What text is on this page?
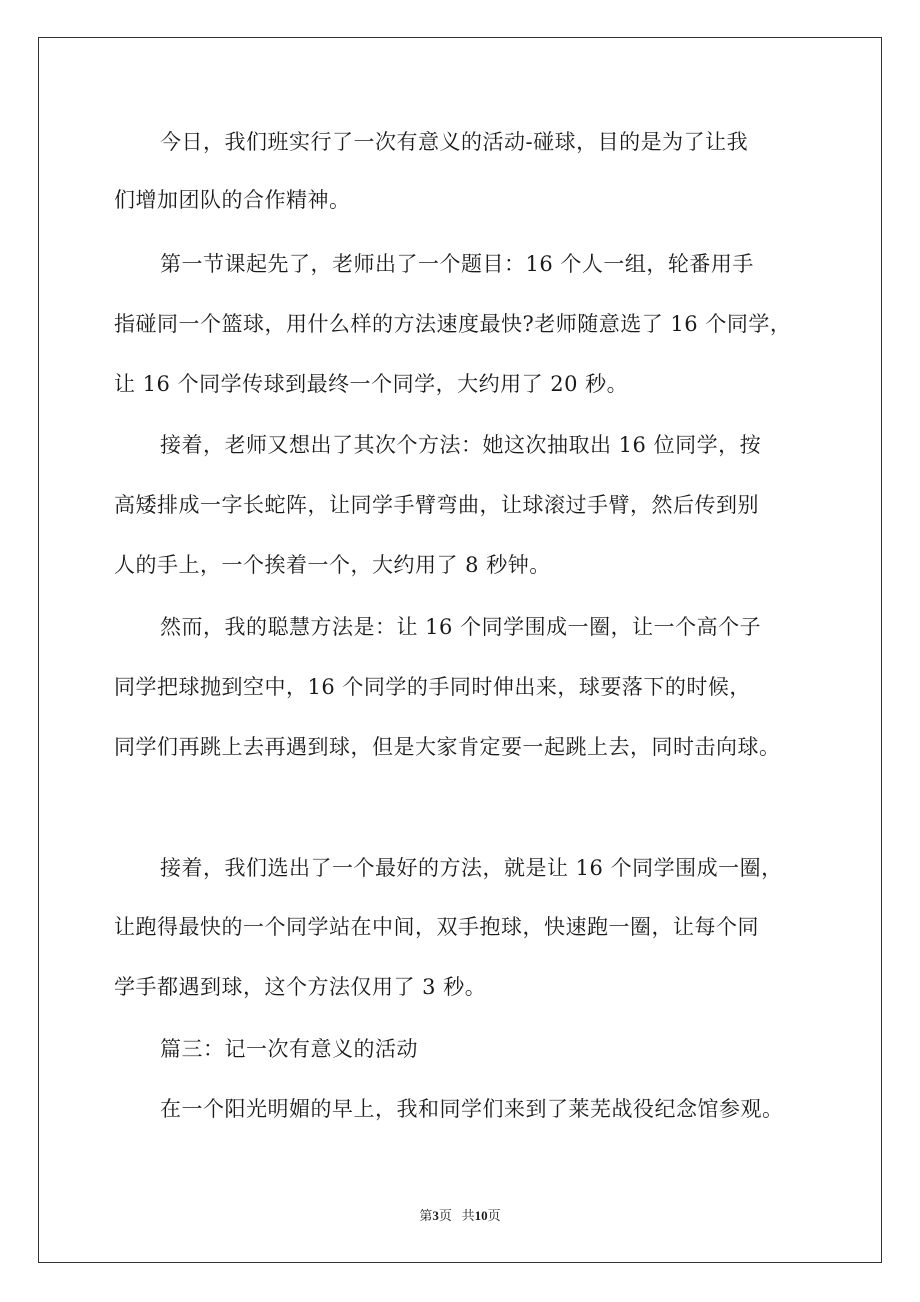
今日，我们班实行了一次有意义的活动-碰球，目的是为了让我
们增加团队的合作精神。
第一节课起先了，老师出了一个题目：16 个人一组，轮番用手
指碰同一个篮球，用什么样的方法速度最快?老师随意选了 16 个同学，
让 16 个同学传球到最终一个同学，大约用了 20 秒。
接着，老师又想出了其次个方法：她这次抽取出 16 位同学，按
高矮排成一字长蛇阵，让同学手臂弯曲，让球滚过手臂，然后传到别
人的手上，一个挨着一个，大约用了 8 秒钟。
然而，我的聪慧方法是：让 16 个同学围成一圈，让一个高个子
同学把球抛到空中，16 个同学的手同时伸出来，球要落下的时候，
同学们再跳上去再遇到球，但是大家肯定要一起跳上去，同时击向球。
接着，我们选出了一个最好的方法，就是让 16 个同学围成一圈，
让跑得最快的一个同学站在中间，双手抱球，快速跑一圈，让每个同
学手都遇到球，这个方法仅用了 3 秒。
篇三：记一次有意义的活动
在一个阳光明媚的早上，我和同学们来到了莱芜战役纪念馆参观。
第3页   共10页
